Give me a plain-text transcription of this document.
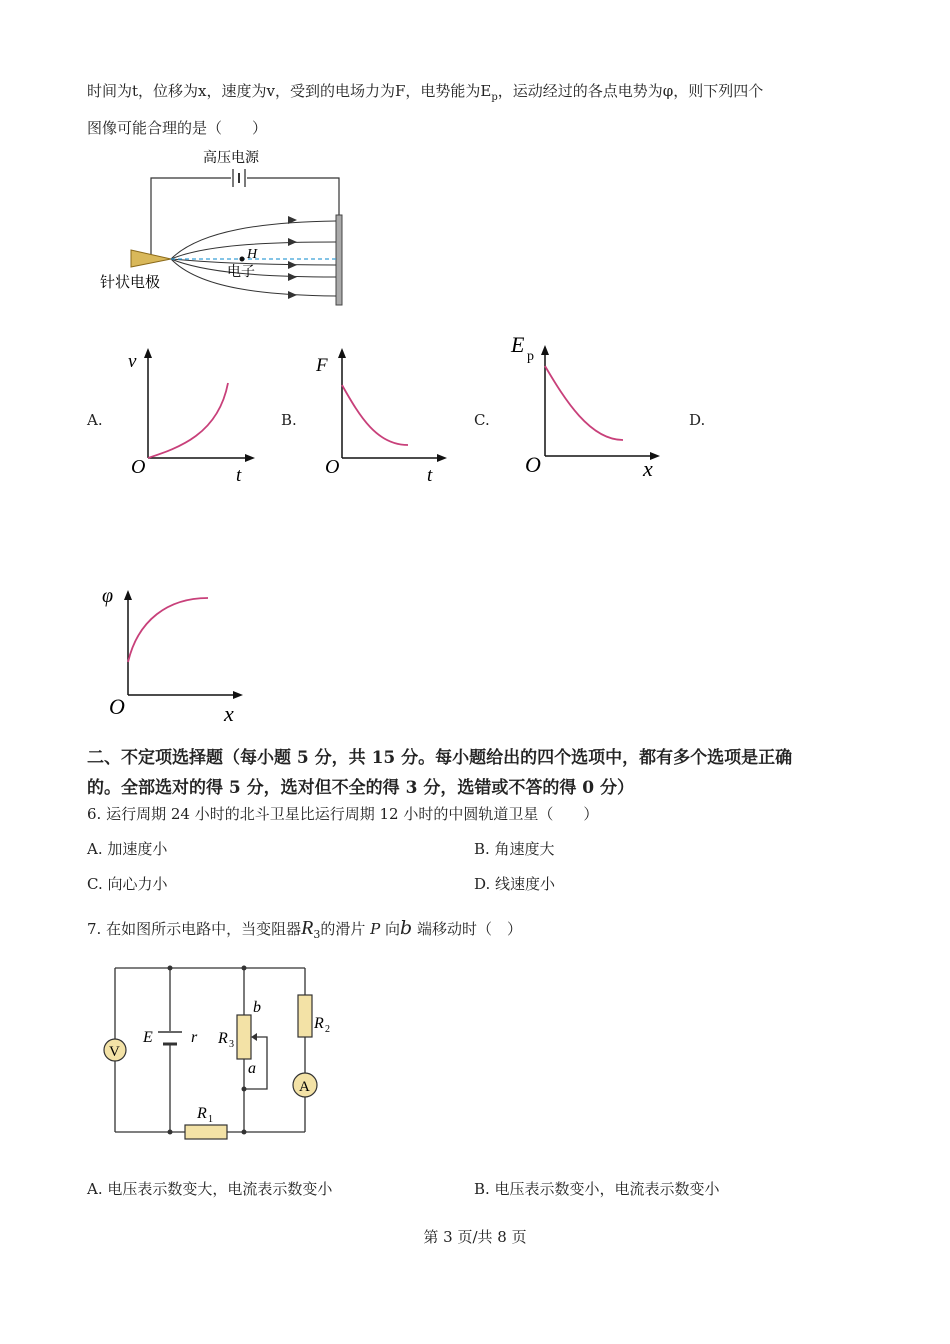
时间为t，位移为x，速度为v，受到的电场力为F，电势能为$E_p$，运动经过的各点电势为φ，则下列四个
图像可能合理的是（　　）
高压电源
H
电子
针状电极
A.	B.	C.	D.
v
O	t
F
O	t
E p
O	x
φ
O	x
二、不定项选择题（每小题 5 分，共 15 分。每小题给出的四个选项中，都有多个选项是正确
的。全部选对的得 5 分，选对但不全的得 3 分，选错或不答的得 0 分）
6. 运行周期 24 小时的北斗卫星比运行周期 12 小时的中圆轨道卫星（　　）
A. 加速度小	B. 角速度大
C. 向心力小	D. 线速度小
7. 在如图所示电路中，当变阻器$R_3$的滑片 P 向b 端移动时（　）
V
A
E r
R 1
R 2
R 3
b
a
A. 电压表示数变大，电流表示数变小	B. 电压表示数变小，电流表示数变小
第 3 页/共 8 页
